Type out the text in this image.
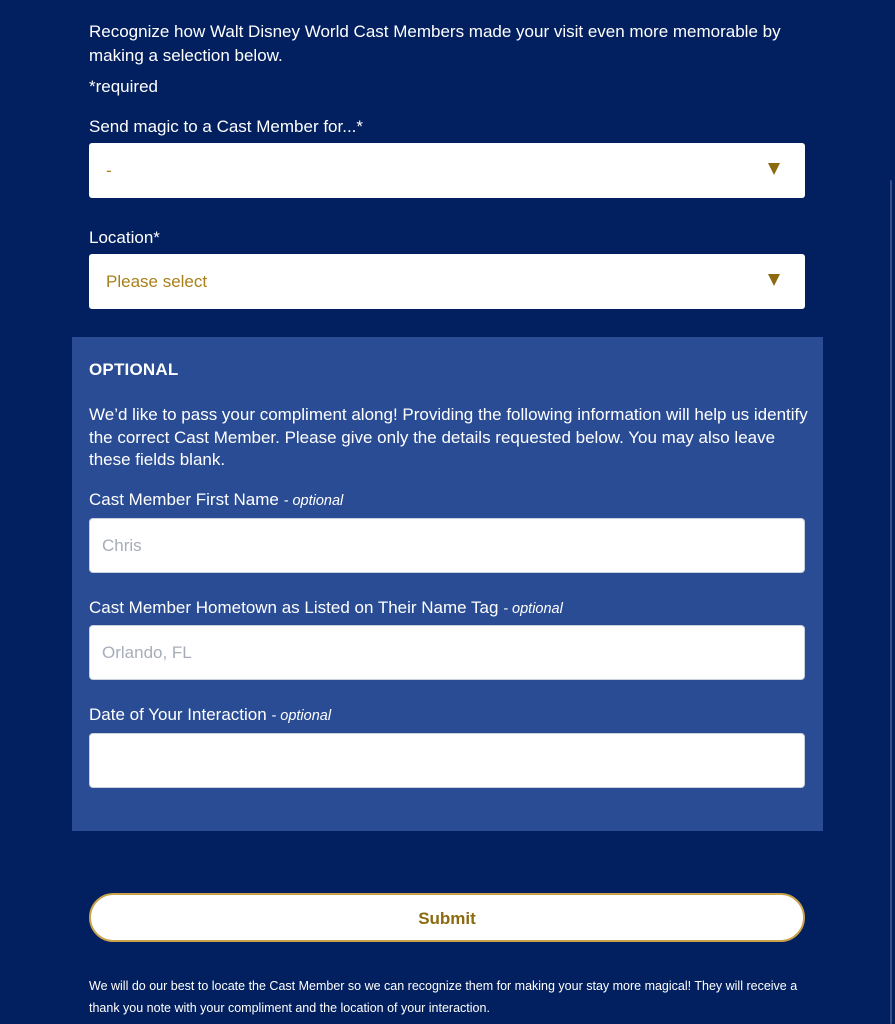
Recognize how Walt Disney World Cast Members made your visit even more memorable by making a selection below.

*required
Send magic to a Cast Member for...*
-
Location*
Please select
OPTIONAL

We’d like to pass your compliment along! Providing the following information will help us identify the correct Cast Member. Please give only the details requested below. You may also leave these fields blank.

Cast Member First Name - optional
Chris
Cast Member Hometown as Listed on Their Name Tag - optional
Orlando, FL
Date of Your Interaction - optional
Submit

We will do our best to locate the Cast Member so we can recognize them for making your stay more magical! They will receive a thank you note with your compliment and the location of your interaction.
